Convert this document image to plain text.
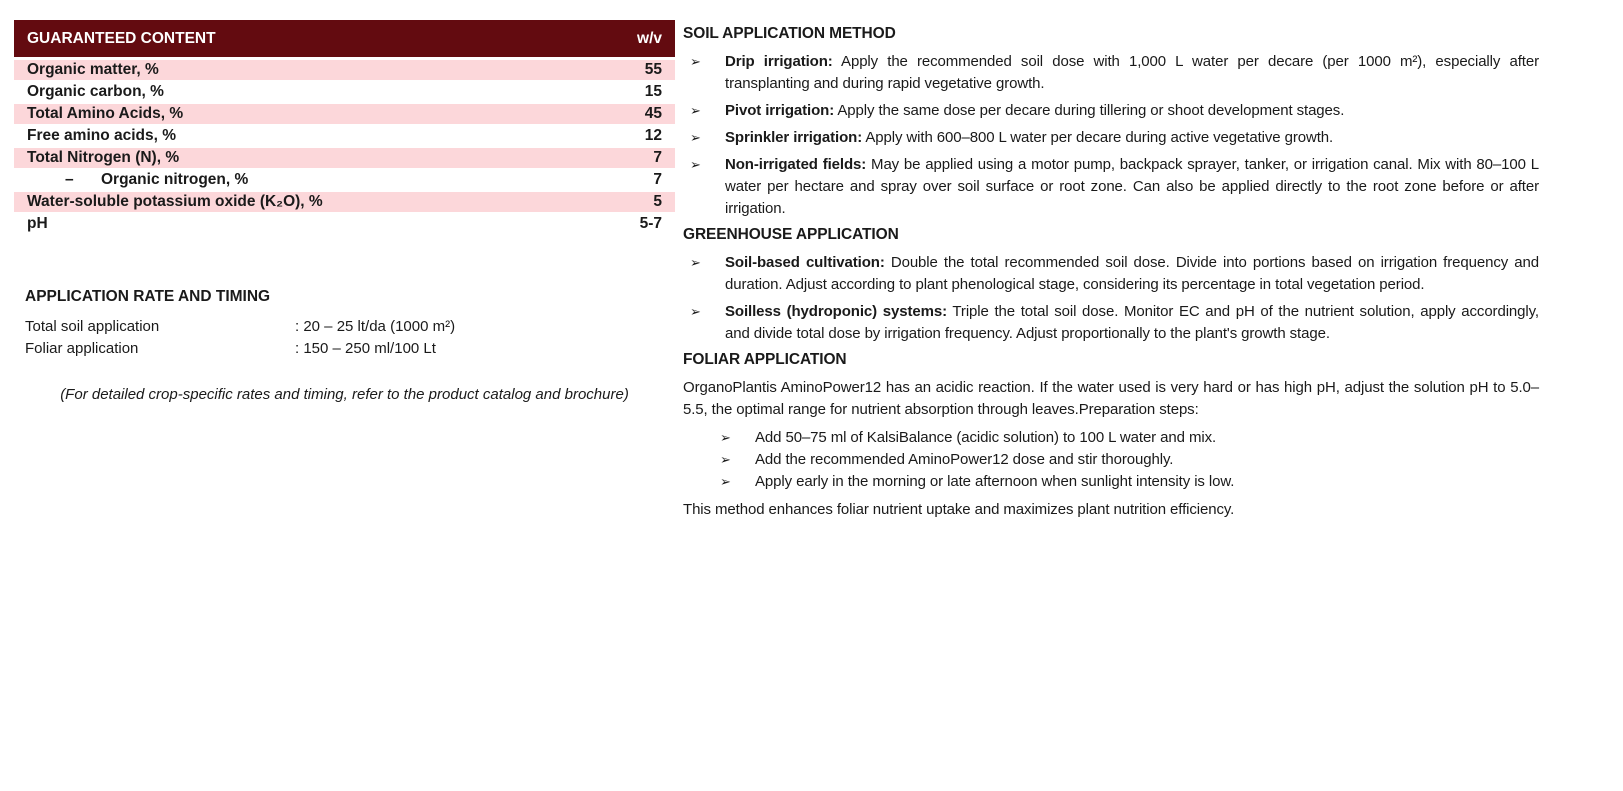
GUARANTEED CONTENT	w/v
Organic matter, %	55
Organic carbon, %	15
Total Amino Acids, %	45
Free amino acids, %	12
Total Nitrogen (N), %	7
– Organic nitrogen, %	7
Water-soluble potassium oxide (K₂O), %	5
pH	5-7
APPLICATION RATE AND TIMING
Total soil application	: 20 – 25 lt/da (1000 m²)
Foliar application	: 150 – 250 ml/100 Lt
(For detailed crop-specific rates and timing, refer to the product catalog and brochure)
SOIL APPLICATION METHOD
➢	Drip irrigation: Apply the recommended soil dose with 1,000 L water per decare (per 1000 m²), especially after transplanting and during rapid vegetative growth.
➢	Pivot irrigation: Apply the same dose per decare during tillering or shoot development stages.
➢	Sprinkler irrigation: Apply with 600–800 L water per decare during active vegetative growth.
➢	Non-irrigated fields: May be applied using a motor pump, backpack sprayer, tanker, or irrigation canal. Mix with 80–100 L water per hectare and spray over soil surface or root zone. Can also be applied directly to the root zone before or after irrigation.
GREENHOUSE APPLICATION
➢	Soil-based cultivation: Double the total recommended soil dose. Divide into portions based on irrigation frequency and duration. Adjust according to plant phenological stage, considering its percentage in total vegetation period.
➢	Soilless (hydroponic) systems: Triple the total soil dose. Monitor EC and pH of the nutrient solution, apply accordingly, and divide total dose by irrigation frequency. Adjust proportionally to the plant's growth stage.
FOLIAR APPLICATION

OrganoPlantis AminoPower12 has an acidic reaction. If the water used is very hard or has high pH, adjust the solution pH to 5.0–5.5, the optimal range for nutrient absorption through leaves.Preparation steps:

➢	Add 50–75 ml of KalsiBalance (acidic solution) to 100 L water and mix.
➢	Add the recommended AminoPower12 dose and stir thoroughly.
➢	Apply early in the morning or late afternoon when sunlight intensity is low.

This method enhances foliar nutrient uptake and maximizes plant nutrition efficiency.
